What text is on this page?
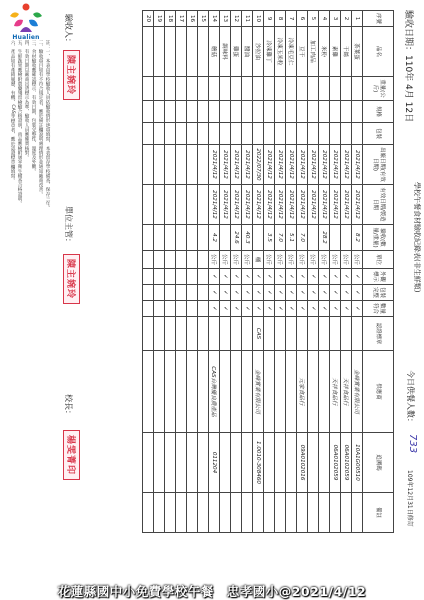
Hualien
註：一、本表由學校驗收人員依驗收情形逐項填寫，本表留存學校備查，保存三年。
二、驗收項目如有不符合規定者，應於備註欄說明處理情形並通知廠商改善。
三、食材驗收應確認標示、有效日期、包裝完整性、溫度及外觀。
四、有效日期以廠商出貨標示為準，驗收人員應確實核對。
五、生鮮蔬果應檢附農藥殘留檢驗合格證明，肉品應檢附屠宰衛生檢查合格證明。
六、產品如有產銷履歷、有機、CAS等標章者，應於認證標章欄填寫。	驗收日期：110年 4月 12日
學校午餐食材驗收紀錄表(非生鮮類)
今日供餐人數：
733
109年12月31日修訂
序號	品名	重量(公斤)	規格	包裝	出廠日期(有效日期)	有效日期/製造日期	驗收(數量/重量)	單位	外觀標示	包裝完整	數量符合	認證標章	供應商	追溯碼	備註
1	茶葉蛋				2021/4/12	2021/4/12	8.2	公斤	✓	✓	✓		金峰實業有限公司	10A1G00510	
2	干絲				2021/4/12	2021/4/12		公斤	✓	✓	✓		天祥食品行	06A0102059	
3	素雞				2021/4/12	2021/4/12		公斤	✓	✓	✓		天祥食品行	06A0102059	
4	米粉				2021/4/12	2021/4/12	28.2	公斤	✓	✓	✓				
5	加工肉品				2021/4/12	2021/4/12		公斤	✓	✓	✓				
6	豆干				2021/4/12	2021/4/12	7.0	公斤	✓	✓	✓		元家食品行	09A0102016	
7	冷凍毛豆仁				2021/4/12	2021/4/12	5.1	公斤	✓	✓	✓				
8	冷凍玉米粒				2021/4/12	2021/4/12	7.0	公斤	✓	✓	✓				
9	冷凍雞丁				2021/4/12	2021/4/12	3.5	公斤	✓	✓	✓				
10	沙拉油				2022/07/30	2021/4/12		桶	✓	✓	✓	CAS	金峰實業有限公司	1.0010-308460	
11	醬油				2021/4/12	2021/4/12	40.3	公斤	✓	✓	✓				
12	雞蛋				2021/4/12	2021/4/12	24.6	公斤	✓	✓	✓				
13	調味料				2021/4/12	2021/4/12		公斤	✓	✓	✓				
14	蘑菇				2021/4/12	2021/4/12	4.2	公斤	✓	✓	✓		CAS台灣優良農產品	011204	
15															
16															
17															
18															
19															
20															
驗收人：
陳主婉玲
單位主管：
陳主婉玲
校長：
楊雯菁印
花蓮縣國中小免費學校午餐　忠孝國小@2021/4/12
